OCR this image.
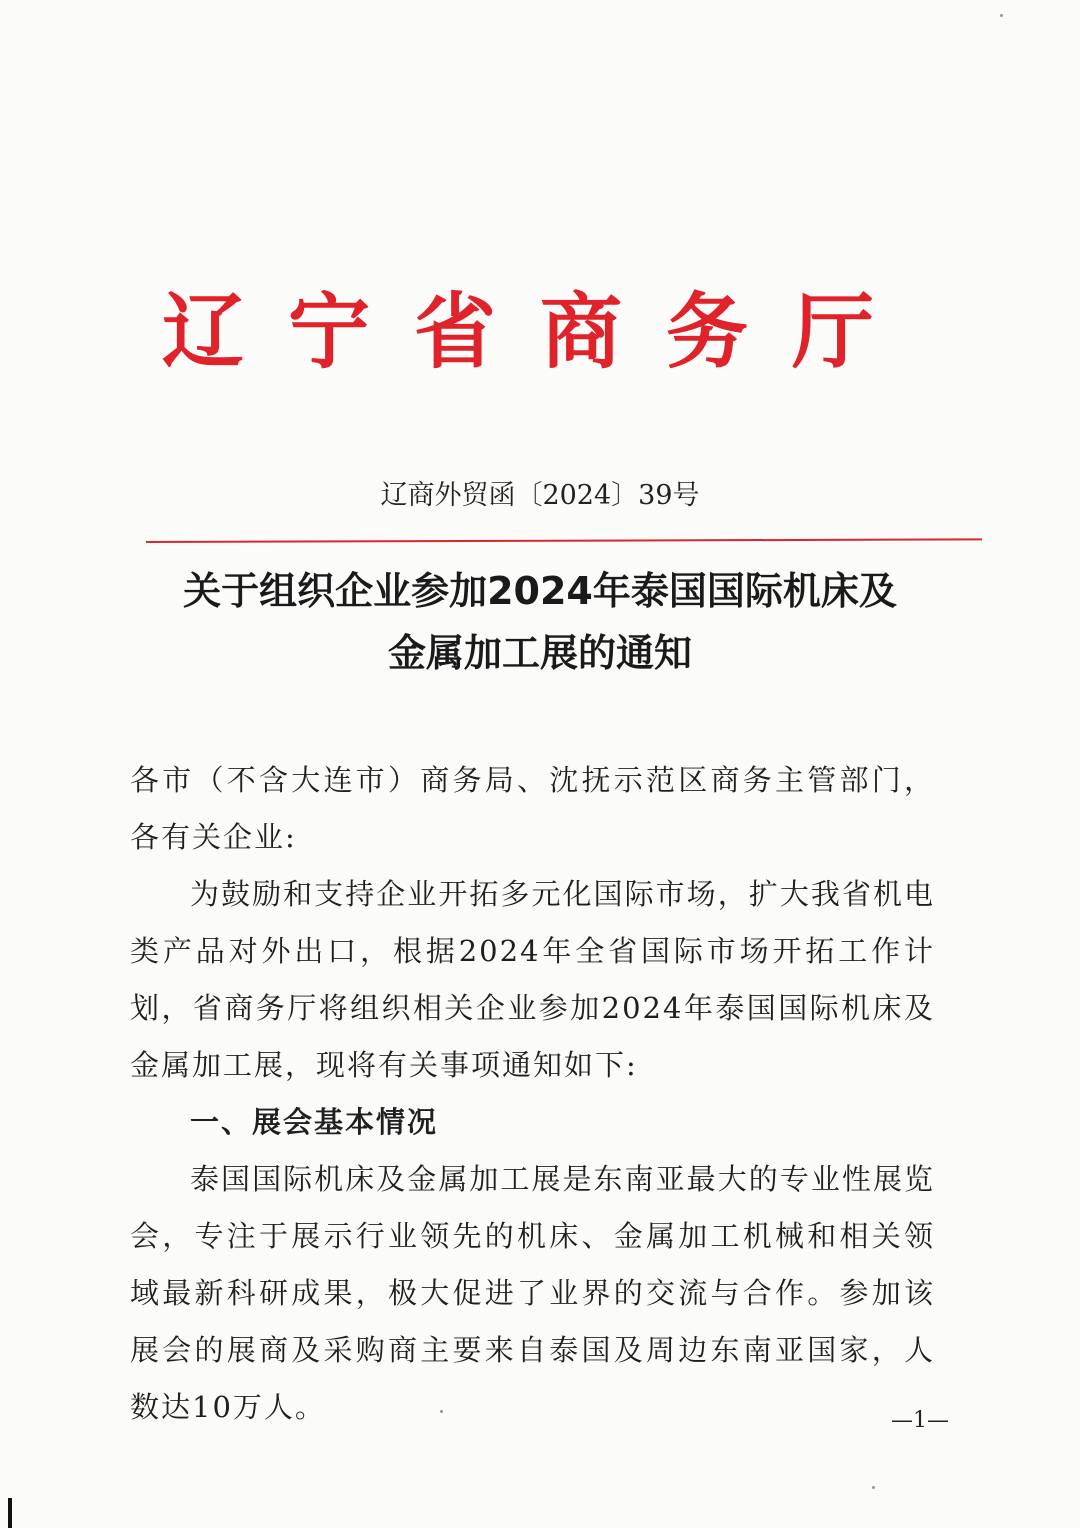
辽宁省商务厅
辽商外贸函〔2024〕39号
关于组织企业参加2024年泰国国际机床及
金属加工展的通知

各市（不含大连市）商务局、沈抚示范区商务主管部门，各有关企业:

为鼓励和支持企业开拓多元化国际市场，扩大我省机电类产品对外出口，根据2024年全省国际市场开拓工作计划，省商务厅将组织相关企业参加2024年泰国国际机床及金属加工展，现将有关事项通知如下:

一、展会基本情况

泰国国际机床及金属加工展是东南亚最大的专业性展览会，专注于展示行业领先的机床、金属加工机械和相关领域最新科研成果，极大促进了业界的交流与合作。参加该展会的展商及采购商主要来自泰国及周边东南亚国家，人数达10万人。	—1—
